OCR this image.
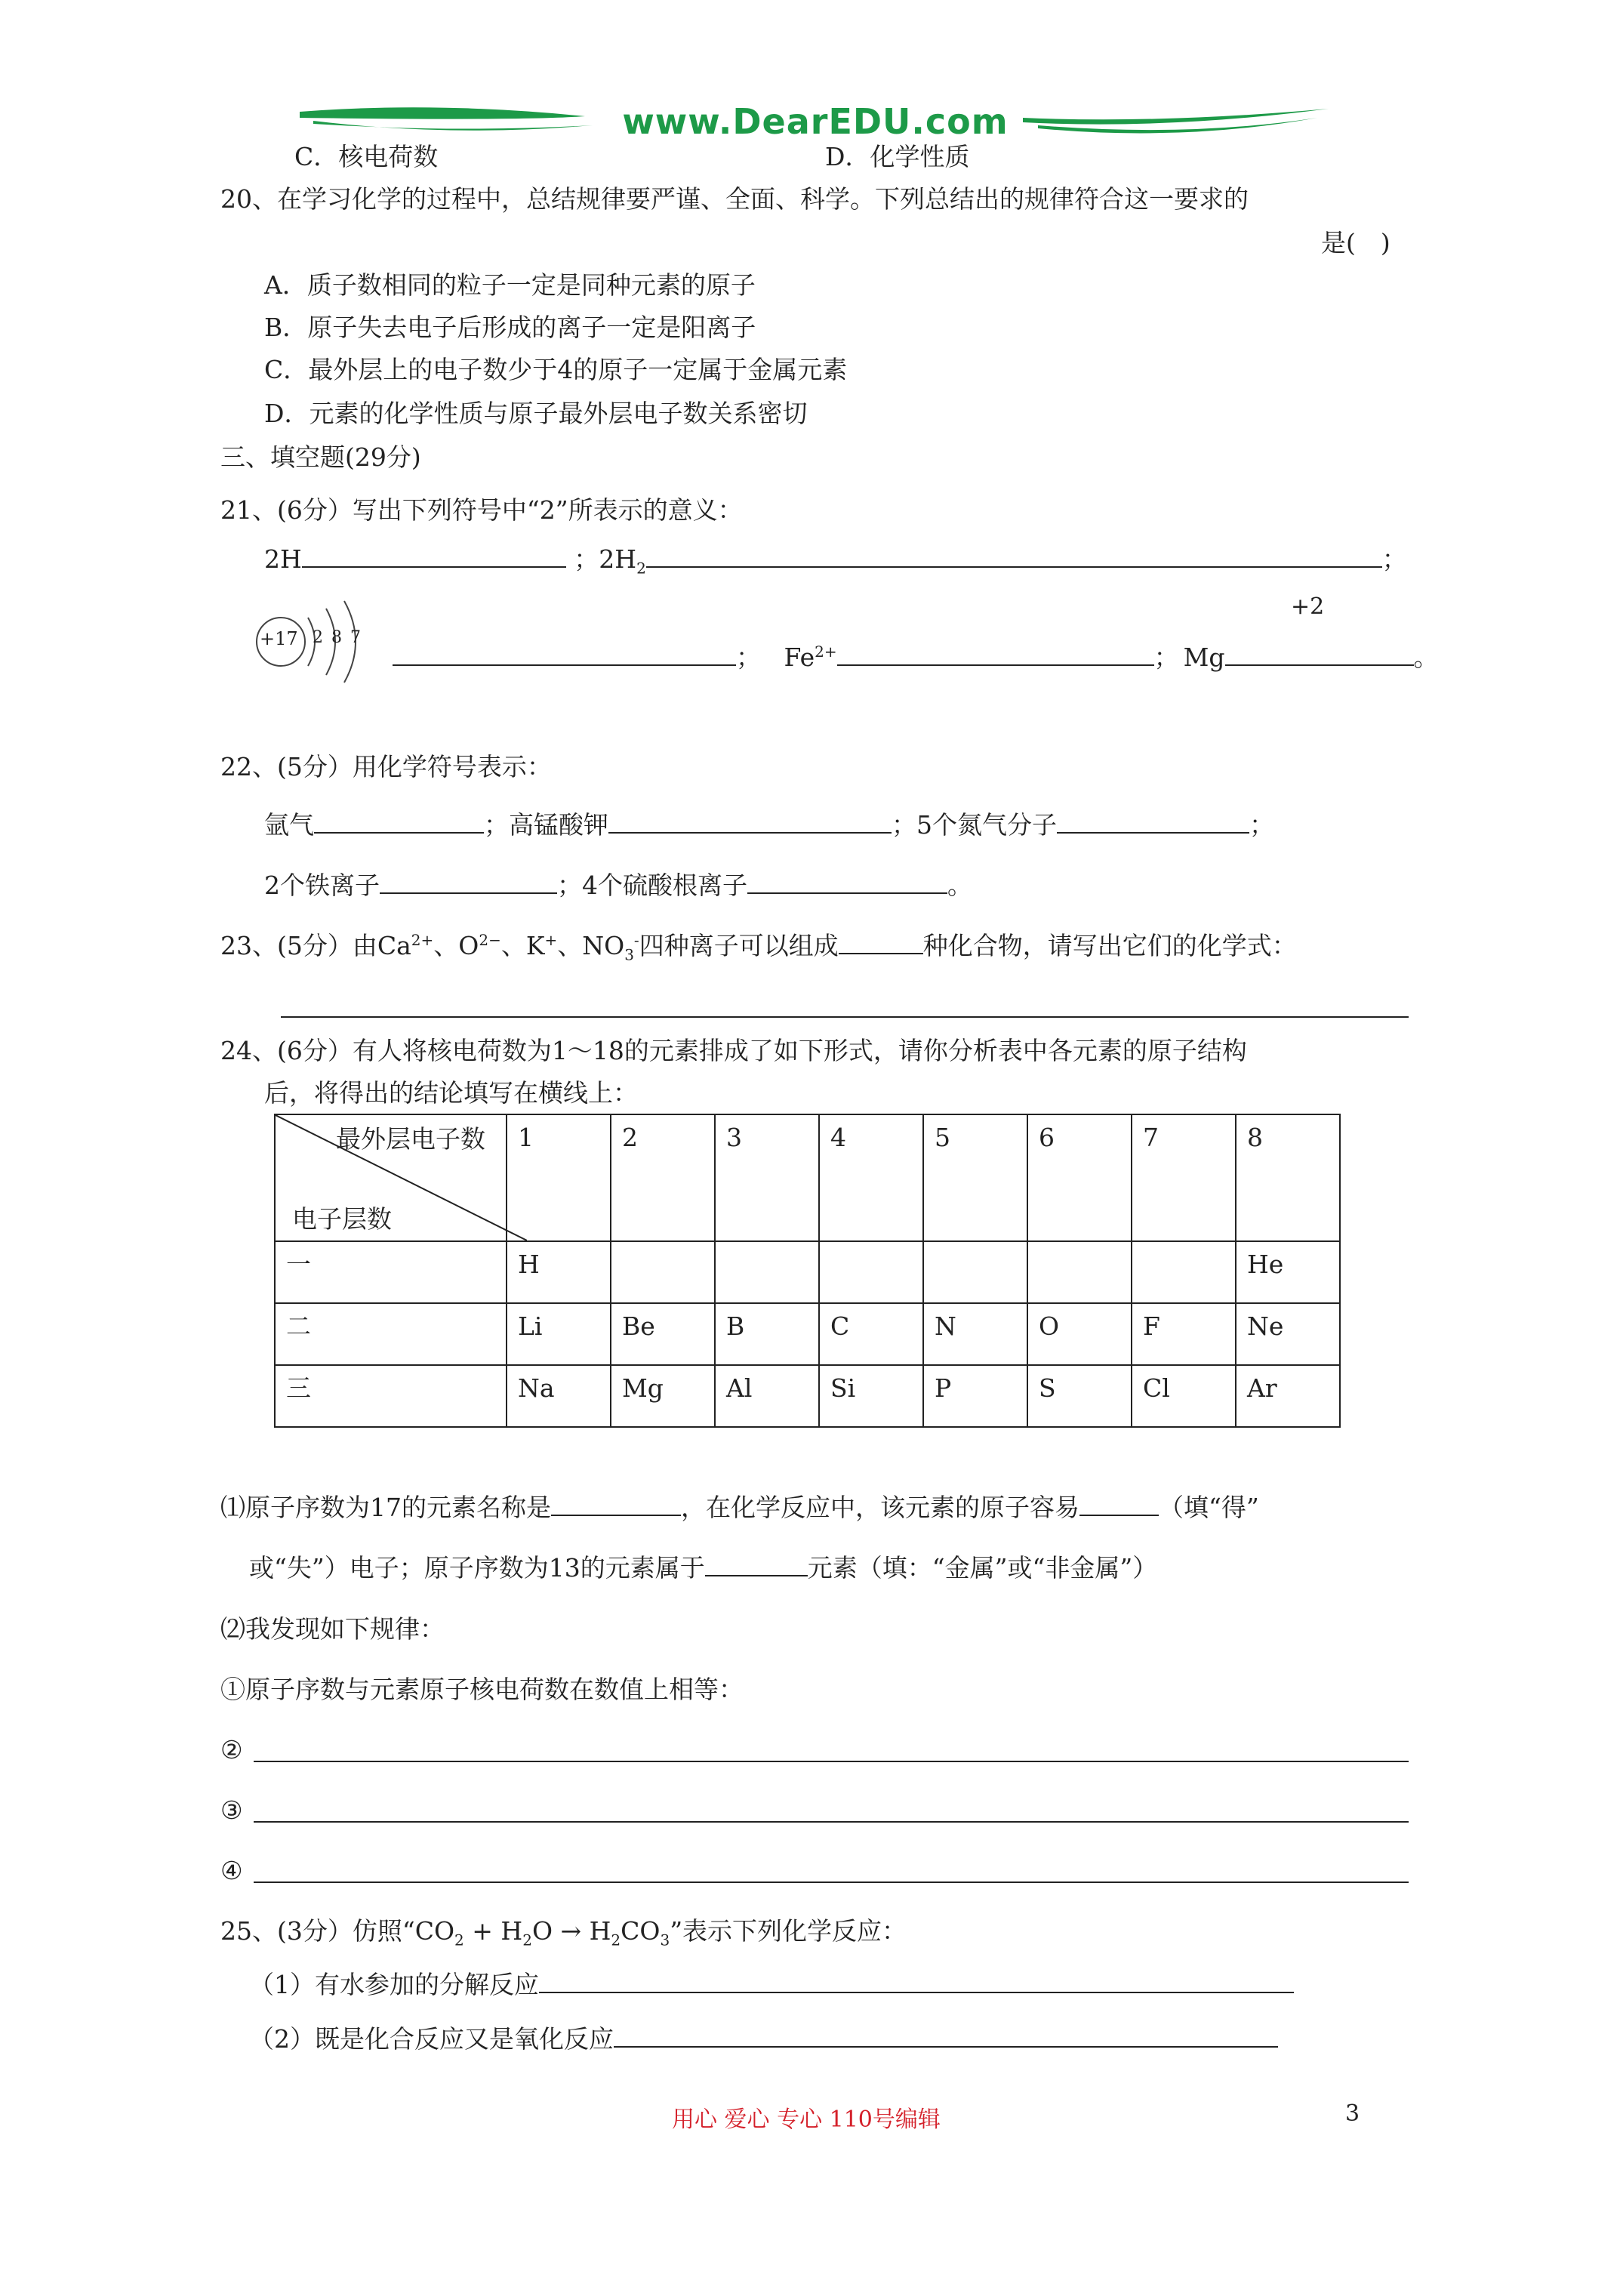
www.DearEDU.com
C．核电荷数	D．化学性质
20、在学习化学的过程中，总结规律要严谨、全面、科学。下列总结出的规律符合这一要求的
是(　)
A．质子数相同的粒子一定是同种元素的原子
B．原子失去电子后形成的离子一定是阳离子
C．最外层上的电子数少于4的原子一定属于金属元素
D．元素的化学性质与原子最外层电子数关系密切
三、填空题(29分)
21、(6分）写出下列符号中“2”所表示的意义：
2H	；$2H_2$	；
+2
+17 2 8 7
； $Fe^{2+}$	； Mg	。
22、(5分）用化学符号表示：
氩气	；高锰酸钾	；5个氮气分子	；
2个铁离子	；4个硫酸根离子	。
23、(5分）由$Ca^{2+}$、$O^{2-}$、K+、$NO_3^-$四种离子可以组成	种化合物，请写出它们的化学式：
24、(6分）有人将核电荷数为1～18的元素排成了如下形式，请你分析表中各元素的原子结构
后，将得出的结论填写在横线上：
最外层电子数
电子层数	1	2	3	4	5	6	7	8
一	H							He
二	Li	Be	B	C	N	O	F	Ne
三	Na	Mg	Al	Si	P	S	Cl	Ar
⑴原子序数为17的元素名称是	，在化学反应中，该元素的原子容易	（填“得”
或“失”）电子；原子序数为13的元素属于	元素（填：“金属”或“非金属”）
⑵我发现如下规律：
①原子序数与元素原子核电荷数在数值上相等：
②
③
④
25、(3分）仿照“$CO_2 + H_2O \to H_2CO_3$”表示下列化学反应：
（1）有水参加的分解反应
（2）既是化合反应又是氧化反应
用心 爱心 专心 110号编辑	3
